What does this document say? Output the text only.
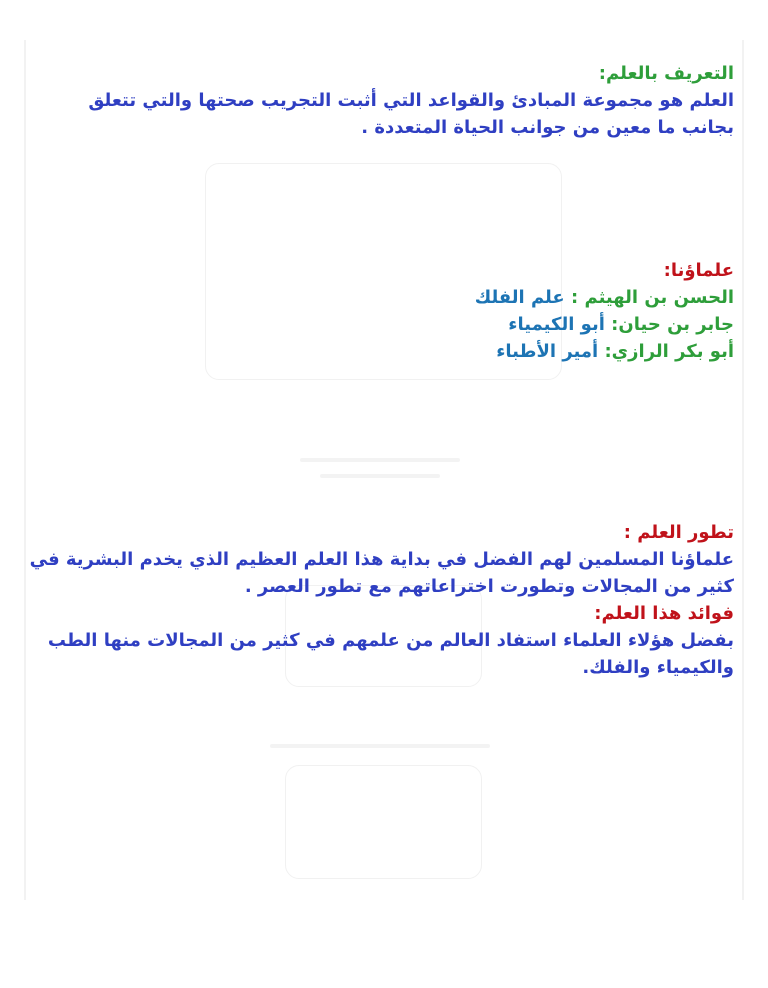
التعريف بالعلم:
العلم هو مجموعة المبادئ والقواعد التي أثبت التجريب صحتها والتي تتعلق
بجانب ما معين من جوانب الحياة المتعددة .
علماؤنا:
الحسن بن الهيثم : علم الفلك
جابر بن حيان: أبو الكيمياء
أبو بكر الرازي: أمير الأطباء
تطور العلم :
علماؤنا المسلمين لهم الفضل في بداية هذا العلم العظيم الذي يخدم البشرية في
كثير من المجالات وتطورت اختراعاتهم مع تطور العصر .
فوائد هذا العلم:
بفضل هؤلاء العلماء استفاد العالم من علمهم في كثير من المجالات منها الطب
والكيمياء والفلك.
